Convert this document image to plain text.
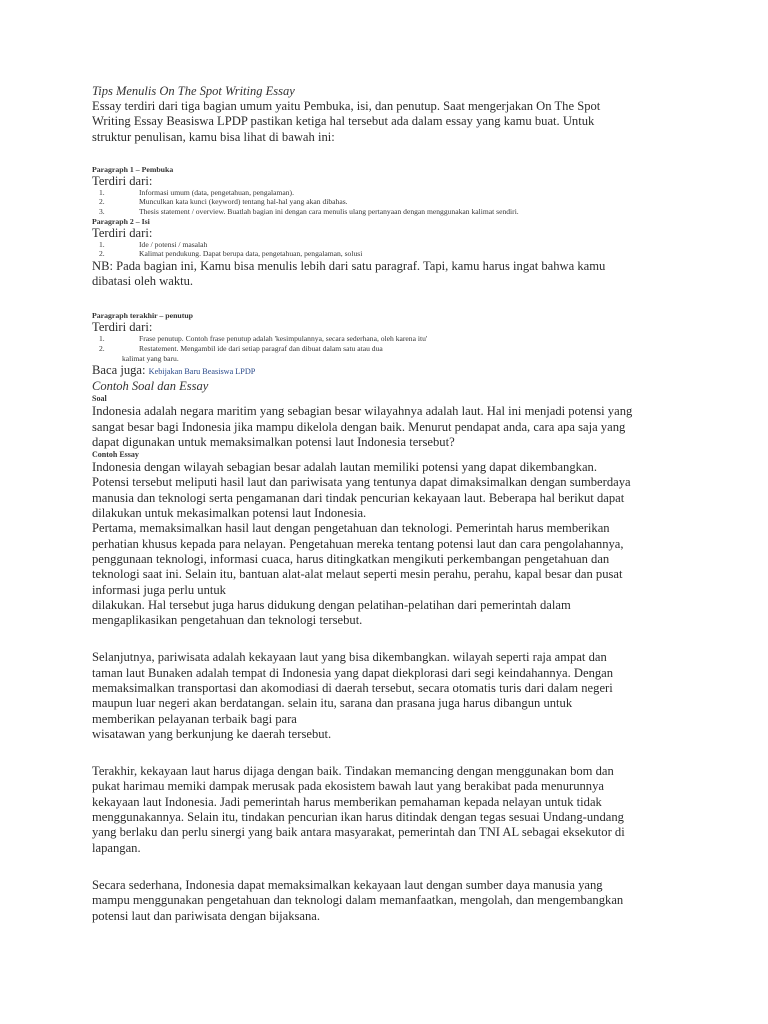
Tips Menulis On The Spot Writing Essay
Essay terdiri dari tiga bagian umum yaitu Pembuka, isi, dan penutup. Saat mengerjakan On The Spot
Writing Essay Beasiswa LPDP pastikan ketiga hal tersebut ada dalam essay yang kamu buat. Untuk
struktur penulisan, kamu bisa lihat di bawah ini:
Paragraph 1 – Pembuka
Terdiri dari:
1.	Informasi umum (data, pengetahuan, pengalaman).
2.	Munculkan kata kunci (keyword) tentang hal-hal yang akan dibahas.
3.	Thesis statement / overview. Buatlah bagian ini dengan cara menulis ulang pertanyaan dengan menggunakan kalimat sendiri.
Paragraph 2 – Isi
Terdiri dari:
1.	Ide / potensi / masalah
2.	Kalimat pendukung. Dapat berupa data, pengetahuan, pengalaman, solusi
NB: Pada bagian ini, Kamu bisa menulis lebih dari satu paragraf. Tapi, kamu harus ingat bahwa kamu
dibatasi oleh waktu.
Paragraph terakhir – penutup
Terdiri dari:
1.	Frase penutup. Contoh frase penutup adalah 'kesimpulannya, secara sederhana, oleh karena itu'
2.	Restatement. Mengambil ide dari setiap paragraf dan dibuat dalam satu atau dua
kalimat yang baru.
Baca juga: Kebijakan Baru Beasiswa LPDP
Contoh Soal dan Essay
Soal
Indonesia adalah negara maritim yang sebagian besar wilayahnya adalah laut. Hal ini menjadi potensi yang
sangat besar bagi Indonesia jika mampu dikelola dengan baik. Menurut pendapat anda, cara apa saja yang
dapat digunakan untuk memaksimalkan potensi laut Indonesia tersebut?
Contoh Essay
Indonesia dengan wilayah sebagian besar adalah lautan memiliki potensi yang dapat dikembangkan.
Potensi tersebut meliputi hasil laut dan pariwisata yang tentunya dapat dimaksimalkan dengan sumberdaya
manusia dan teknologi serta pengamanan dari tindak pencurian kekayaan laut. Beberapa hal berikut dapat
dilakukan untuk mekasimalkan potensi laut Indonesia.
Pertama, memaksimalkan hasil laut dengan pengetahuan dan teknologi. Pemerintah harus memberikan
perhatian khusus kepada para nelayan. Pengetahuan mereka tentang potensi laut dan cara pengolahannya,
penggunaan teknologi, informasi cuaca, harus ditingkatkan mengikuti perkembangan pengetahuan dan
teknologi saat ini. Selain itu, bantuan alat-alat melaut seperti mesin perahu, perahu, kapal besar dan pusat
informasi juga perlu untuk
dilakukan. Hal tersebut juga harus didukung dengan pelatihan-pelatihan dari pemerintah dalam
mengaplikasikan pengetahuan dan teknologi tersebut.
Selanjutnya, pariwisata adalah kekayaan laut yang bisa dikembangkan. wilayah seperti raja ampat dan
taman laut Bunaken adalah tempat di Indonesia yang dapat diekplorasi dari segi keindahannya. Dengan
memaksimalkan transportasi dan akomodiasi di daerah tersebut, secara otomatis turis dari dalam negeri
maupun luar negeri akan berdatangan. selain itu, sarana dan prasana juga harus dibangun untuk
memberikan pelayanan terbaik bagi para
wisatawan yang berkunjung ke daerah tersebut.
Terakhir, kekayaan laut harus dijaga dengan baik. Tindakan memancing dengan menggunakan bom dan
pukat harimau memiki dampak merusak pada ekosistem bawah laut yang berakibat pada menurunnya
kekayaan laut Indonesia. Jadi pemerintah harus memberikan pemahaman kepada nelayan untuk tidak
menggunakannya. Selain itu, tindakan pencurian ikan harus ditindak dengan tegas sesuai Undang-undang
yang berlaku dan perlu sinergi yang baik antara masyarakat, pemerintah dan TNI AL sebagai eksekutor di
lapangan.
Secara sederhana, Indonesia dapat memaksimalkan kekayaan laut dengan sumber daya manusia yang
mampu menggunakan pengetahuan dan teknologi dalam memanfaatkan, mengolah, dan mengembangkan
potensi laut dan pariwisata dengan bijaksana.
